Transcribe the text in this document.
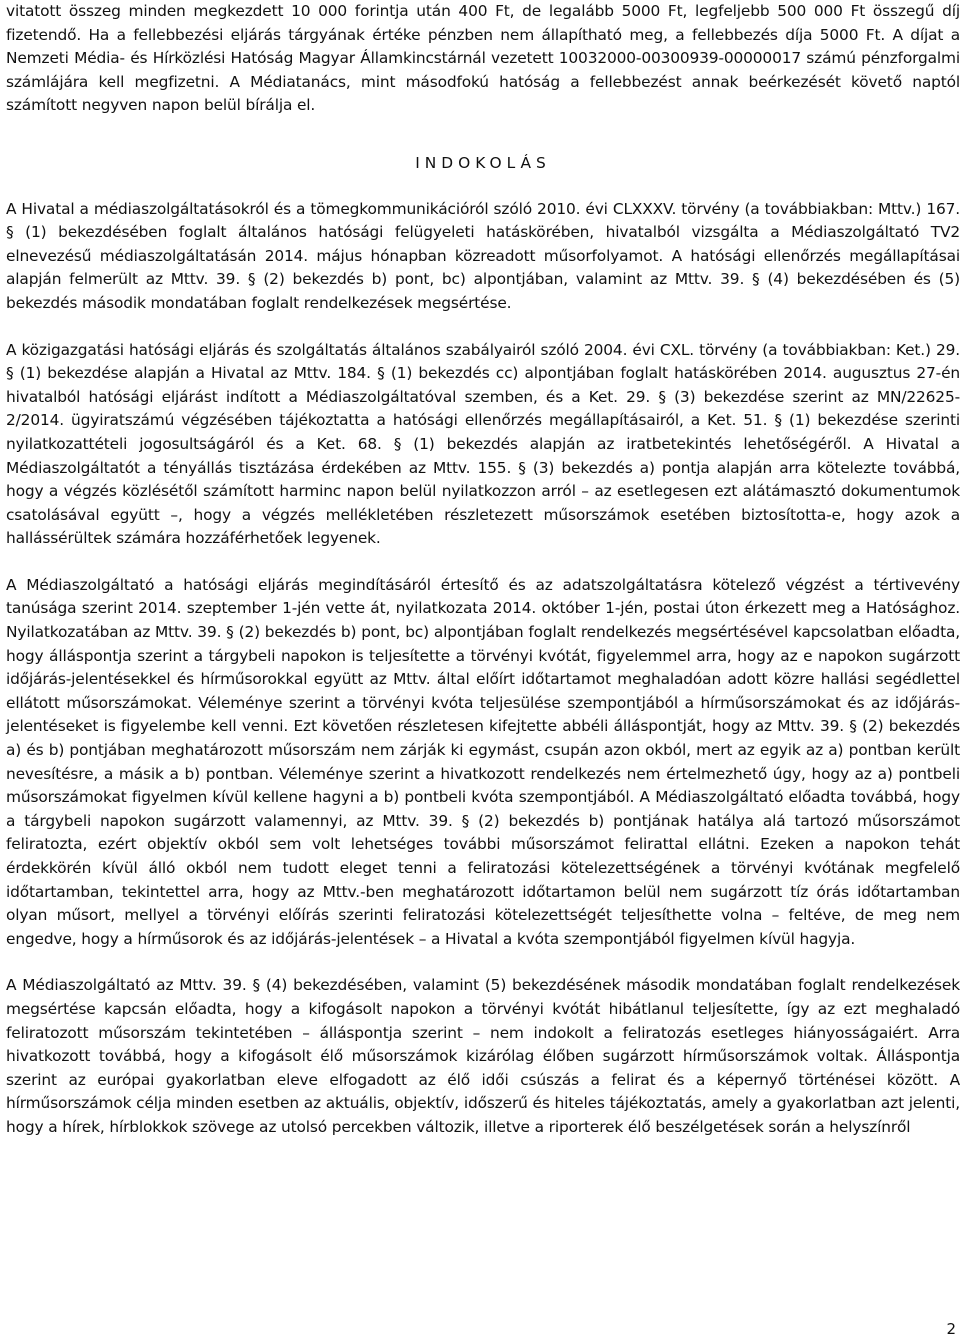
vitatott összeg minden megkezdett 10 000 forintja után 400 Ft, de legalább 5000 Ft, legfeljebb 500 000 Ft összegű díj fizetendő. Ha a fellebbezési eljárás tárgyának értéke pénzben nem állapítható meg, a fellebbezés díja 5000 Ft. A díjat a Nemzeti Média- és Hírközlési Hatóság Magyar Államkincstárnál vezetett 10032000-00300939-00000017 számú pénzforgalmi számlájára kell megfizetni. A Médiatanács, mint másodfokú hatóság a fellebbezést annak beérkezését követő naptól számított negyven napon belül bírálja el.

INDOKOLÁS

A Hivatal a médiaszolgáltatásokról és a tömegkommunikációról szóló 2010. évi CLXXXV. törvény (a továbbiakban: Mttv.) 167. § (1) bekezdésében foglalt általános hatósági felügyeleti hatáskörében, hivatalból vizsgálta a Médiaszolgáltató TV2 elnevezésű médiaszolgáltatásán 2014. május hónapban közreadott műsorfolyamot. A hatósági ellenőrzés megállapításai alapján felmerült az Mttv. 39. § (2) bekezdés b) pont, bc) alpontjában, valamint az Mttv. 39. § (4) bekezdésében és (5) bekezdés második mondatában foglalt rendelkezések megsértése.

A közigazgatási hatósági eljárás és szolgáltatás általános szabályairól szóló 2004. évi CXL. törvény (a továbbiakban: Ket.) 29. § (1) bekezdése alapján a Hivatal az Mttv. 184. § (1) bekezdés cc) alpontjában foglalt hatáskörében 2014. augusztus 27-én hivatalból hatósági eljárást indított a Médiaszolgáltatóval szemben, és a Ket. 29. § (3) bekezdése szerint az MN/22625-2/2014. ügyiratszámú végzésében tájékoztatta a hatósági ellenőrzés megállapításairól, a Ket. 51. § (1) bekezdése szerinti nyilatkozattételi jogosultságáról és a Ket. 68. § (1) bekezdés alapján az iratbetekintés lehetőségéről. A Hivatal a Médiaszolgáltatót a tényállás tisztázása érdekében az Mttv. 155. § (3) bekezdés a) pontja alapján arra kötelezte továbbá, hogy a végzés közlésétől számított harminc napon belül nyilatkozzon arról – az esetlegesen ezt alátámasztó dokumentumok csatolásával együtt –, hogy a végzés mellékletében részletezett műsorszámok esetében biztosította-e, hogy azok a hallássérültek számára hozzáférhetőek legyenek.

A Médiaszolgáltató a hatósági eljárás megindításáról értesítő és az adatszolgáltatásra kötelező végzést a tértivevény tanúsága szerint 2014. szeptember 1-jén vette át, nyilatkozata 2014. október 1-jén, postai úton érkezett meg a Hatósághoz. Nyilatkozatában az Mttv. 39. § (2) bekezdés b) pont, bc) alpontjában foglalt rendelkezés megsértésével kapcsolatban előadta, hogy álláspontja szerint a tárgybeli napokon is teljesítette a törvényi kvótát, figyelemmel arra, hogy az e napokon sugárzott időjárás-jelentésekkel és hírműsorokkal együtt az Mttv. által előírt időtartamot meghaladóan adott közre hallási segédlettel ellátott műsorszámokat. Véleménye szerint a törvényi kvóta teljesülése szempontjából a hírműsorszámokat és az időjárás-jelentéseket is figyelembe kell venni. Ezt követően részletesen kifejtette abbéli álláspontját, hogy az Mttv. 39. § (2) bekezdés a) és b) pontjában meghatározott műsorszám nem zárják ki egymást, csupán azon okból, mert az egyik az a) pontban került nevesítésre, a másik a b) pontban. Véleménye szerint a hivatkozott rendelkezés nem értelmezhető úgy, hogy az a) pontbeli műsorszámokat figyelmen kívül kellene hagyni a b) pontbeli kvóta szempontjából. A Médiaszolgáltató előadta továbbá, hogy a tárgybeli napokon sugárzott valamennyi, az Mttv. 39. § (2) bekezdés b) pontjának hatálya alá tartozó műsorszámot feliratozta, ezért objektív okból sem volt lehetséges további műsorszámot felirattal ellátni. Ezeken a napokon tehát érdekkörén kívül álló okból nem tudott eleget tenni a feliratozási kötelezettségének a törvényi kvótának megfelelő időtartamban, tekintettel arra, hogy az Mttv.-ben meghatározott időtartamon belül nem sugárzott tíz órás időtartamban olyan műsort, mellyel a törvényi előírás szerinti feliratozási kötelezettségét teljesíthette volna – feltéve, de meg nem engedve, hogy a hírműsorok és az időjárás-jelentések – a Hivatal a kvóta szempontjából figyelmen kívül hagyja.

A Médiaszolgáltató az Mttv. 39. § (4) bekezdésében, valamint (5) bekezdésének második mondatában foglalt rendelkezések megsértése kapcsán előadta, hogy a kifogásolt napokon a törvényi kvótát hibátlanul teljesítette, így az ezt meghaladó feliratozott műsorszám tekintetében – álláspontja szerint – nem indokolt a feliratozás esetleges hiányosságaiért. Arra hivatkozott továbbá, hogy a kifogásolt élő műsorszámok kizárólag élőben sugárzott hírműsorszámok voltak. Álláspontja szerint az európai gyakorlatban eleve elfogadott az élő idői csúszás a felirat és a képernyő történései között. A hírműsorszámok célja minden esetben az aktuális, objektív, időszerű és hiteles tájékoztatás, amely a gyakorlatban azt jelenti, hogy a hírek, hírblokkok szövege az utolsó percekben változik, illetve a riporterek élő beszélgetések során a helyszínről

2
